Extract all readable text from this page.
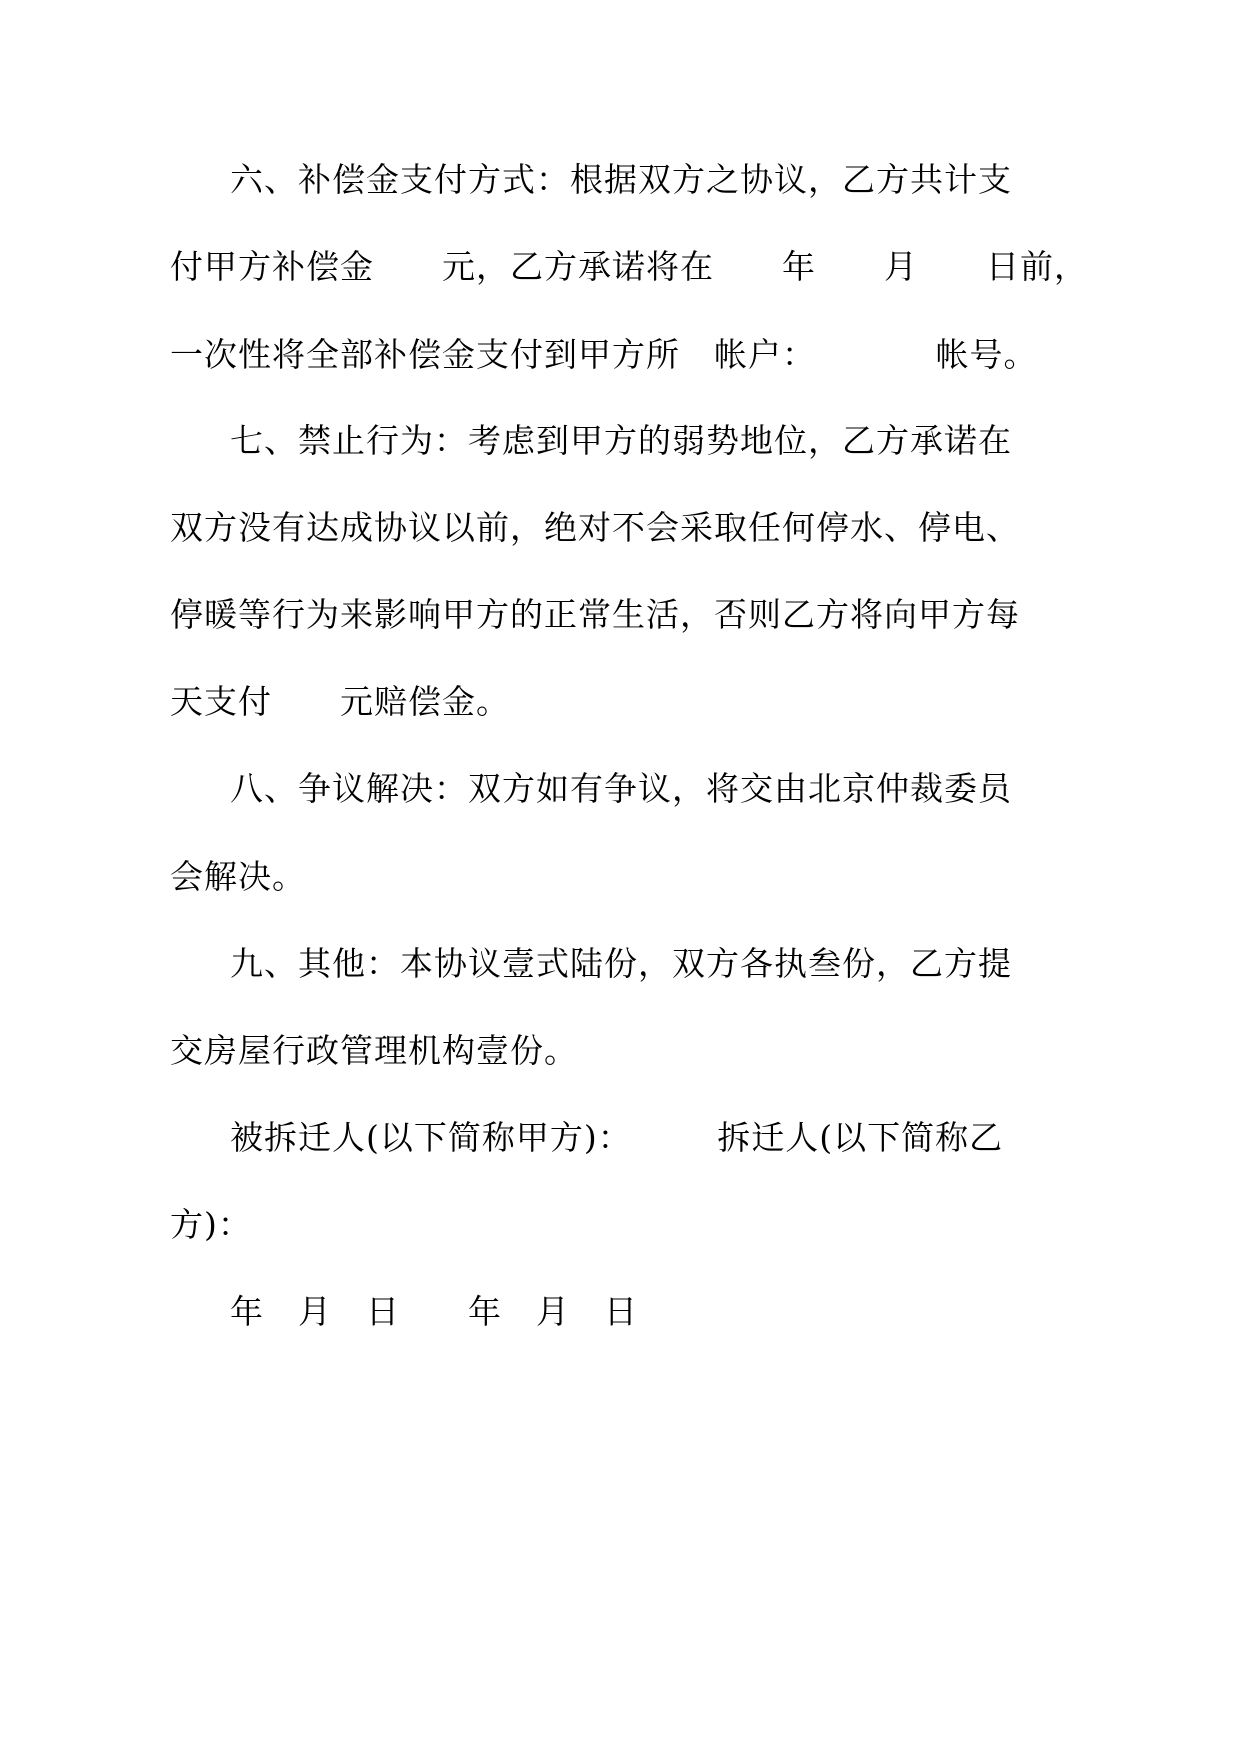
六、补偿金支付方式：根据双方之协议，乙方共计支
付甲方补偿金　　元，乙方承诺将在　　年　　月　　日前，
一次性将全部补偿金支付到甲方所　帐户：　　　　帐号。
七、禁止行为：考虑到甲方的弱势地位，乙方承诺在
双方没有达成协议以前，绝对不会采取任何停水、停电、
停暖等行为来影响甲方的正常生活，否则乙方将向甲方每
天支付　　元赔偿金。
八、争议解决：双方如有争议，将交由北京仲裁委员
会解决。
九、其他：本协议壹式陆份，双方各执叁份，乙方提
交房屋行政管理机构壹份。
被拆迁人(以下简称甲方)：　　　拆迁人(以下简称乙
方)：
年　月　日　　年　月　日
